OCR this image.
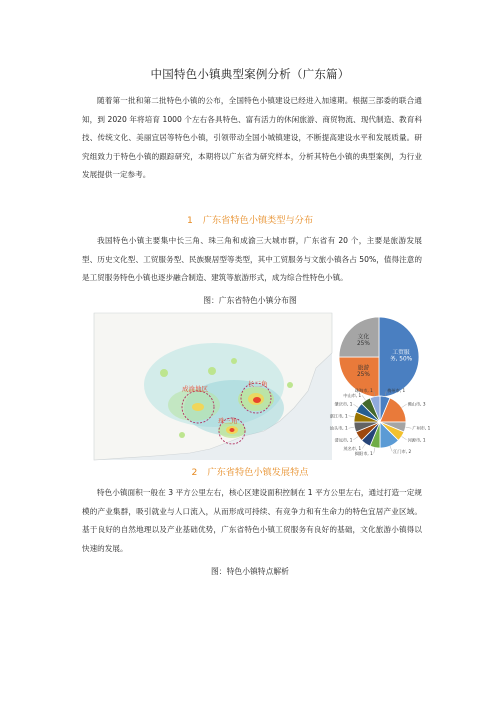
中国特色小镇典型案例分析（广东篇）

随着第一批和第二批特色小镇的公布，全国特色小镇建设已经进入加速期。根据三部委的联合通知，到 2020 年将培育 1000 个左右各具特色、富有活力的休闲旅游、商贸物流、现代制造、教育科技、传统文化、美丽宜居等特色小镇，引领带动全国小城镇建设，不断提高建设水平和发展质量。研究组致力于特色小镇的跟踪研究，本期将以广东省为研究样本，分析其特色小镇的典型案例，为行业发展提供一定参考。

1 广东省特色小镇类型与分布

我国特色小镇主要集中长三角、珠三角和成渝三大城市群，广东省有 20 个，主要是旅游发展型、历史文化型、工贸服务型、民族聚居型等类型，其中工贸服务与文旅小镇各占 50%，值得注意的是工贸服务特色小镇也逐步融合制造、建筑等旅游形式，成为综合性特色小镇。

图：广东省特色小镇分布图
成渝地区
长三角
珠三角
工贸服务, 50%
旅游 25%
文化 25%
梅州市, 1
佛山市, 3
广州市, 1
河源市, 1
江门市, 2
揭阳市, 1
茂名市, 1
清远市, 1
汕头市, 1
湛江市, 1
肇庆市, 1
中山市, 1
珠海市, 1
2 广东省特色小镇发展特点

特色小镇面积一般在 3 平方公里左右，核心区建设面积控制在 1 平方公里左右，通过打造一定规模的产业集群，吸引就业与人口流入，从而形成可持续、有竞争力和有生命力的特色宜居产业区域。基于良好的自然地理以及产业基础优势，广东省特色小镇工贸服务有良好的基础，文化旅游小镇得以快速的发展。

图：特色小镇特点解析
